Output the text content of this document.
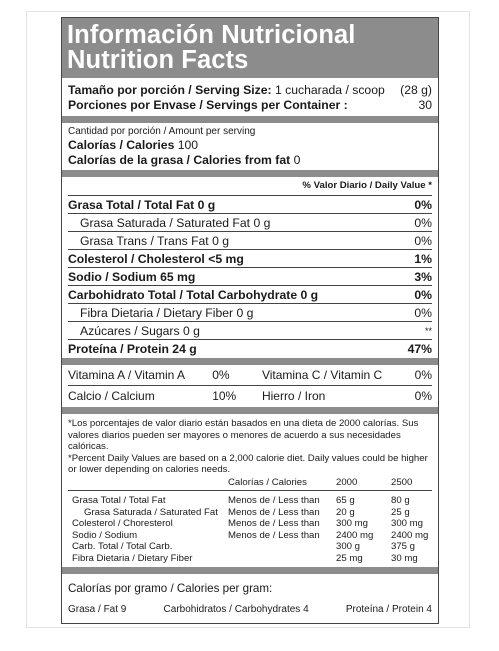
Información Nutricional
Nutrition Facts
Tamaño por porción / Serving Size: 1 cucharada / scoop (28 g)
Porciones por Envase / Servings per Container :	30
Cantidad por porción / Amount per serving
Calorías / Calories 100
Calorías de la grasa / Calories from fat 0
% Valor Diario / Daily Value *
Grasa Total / Total Fat 0 g	0%
Grasa Saturada / Saturated Fat 0 g	0%
Grasa Trans / Trans Fat 0 g	0%
Colesterol / Cholesterol <5 mg	1%
Sodio / Sodium 65 mg	3%
Carbohidrato Total / Total Carbohydrate 0 g	0%
Fibra Dietaria / Dietary Fiber 0 g	0%
Azúcares / Sugars 0 g	**
Proteína / Protein 24 g	47%
Vitamina A / Vitamin A	0%	Vitamina C / Vitamin C	0%
Calcio / Calcium	10%	Hierro / Iron	0%
*Los porcentajes de valor diario están basados en una dieta de 2000 calorías. Sus valores diarios pueden ser mayores o menores de acuerdo a sus necesidades calóricas.
*Percent Daily Values are based on a 2,000 calorie diet. Daily values could be higher or lower depending on calories needs.
	Calorías / Calories	2000	2500
Grasa Total / Total Fat	Menos de / Less than	65 g	80 g
Grasa Saturada / Saturated Fat	Menos de / Less than	20 g	25 g
Colesterol / Choresterol	Menos de / Less than	300 mg	300 mg
Sodio / Sodium	Menos de / Less than	2400 mg	2400 mg
Carb. Total / Total Carb.		300 g	375 g
Fibra Dietaria / Dietary Fiber		25 mg	30 mg
Calorías por gramo / Calories per gram:
Grasa / Fat 9	Carbohidratos / Carbohydrates 4	Proteína / Protein 4
